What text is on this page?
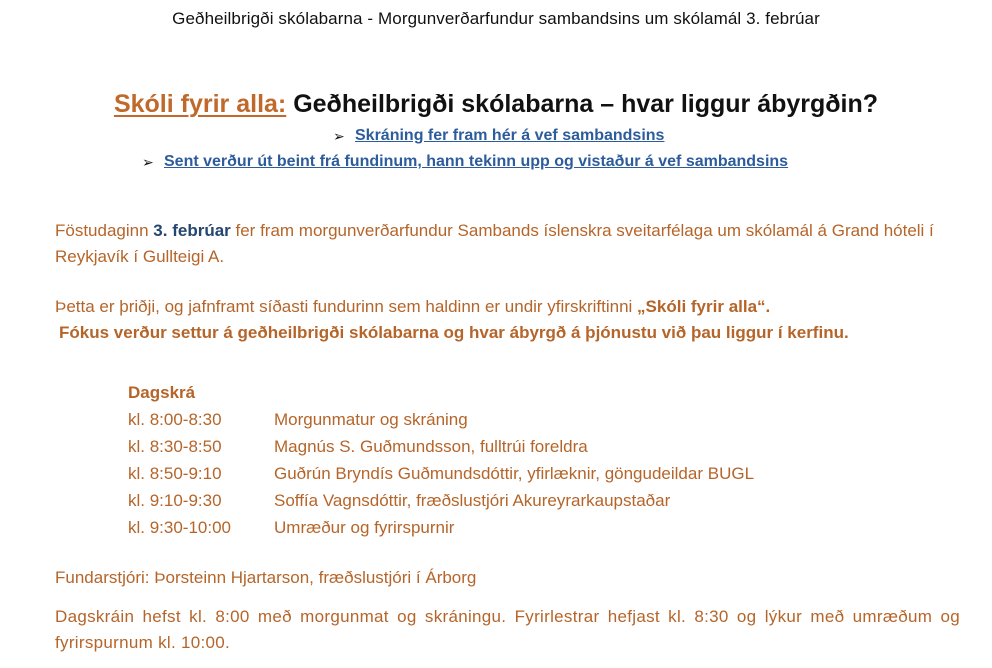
Geðheilbrigði skólabarna - Morgunverðarfundur sambandsins um skólamál 3. febrúar
Skóli fyrir alla: Geðheilbrigði skólabarna – hvar liggur ábyrgðin?
➢ Skráning fer fram hér á vef sambandsins
➢ Sent verður út beint frá fundinum, hann tekinn upp og vistaður á vef sambandsins
Föstudaginn 3. febrúar fer fram morgunverðarfundur Sambands íslenskra sveitarfélaga um skólamál á Grand hóteli í Reykjavík í Gullteigi A.
Þetta er þriðji, og jafnframt síðasti fundurinn sem haldinn er undir yfirskriftinni „Skóli fyrir alla“.
Fókus verður settur á geðheilbrigði skólabarna og hvar ábyrgð á þjónustu við þau liggur í kerfinu.
Dagskrá
kl. 8:00-8:30	Morgunmatur og skráning
kl. 8:30-8:50	Magnús S. Guðmundsson, fulltrúi foreldra
kl. 8:50-9:10	Guðrún Bryndís Guðmundsdóttir, yfirlæknir, göngudeildar BUGL
kl. 9:10-9:30	Soffía Vagnsdóttir, fræðslustjóri Akureyrarkaupstaðar
kl. 9:30-10:00	Umræður og fyrirspurnir
Fundarstjóri: Þorsteinn Hjartarson, fræðslustjóri í Árborg
Dagskráin hefst kl. 8:00 með morgunmat og skráningu. Fyrirlestrar hefjast kl. 8:30 og lýkur með umræðum og fyrirspurnum kl. 10:00.
